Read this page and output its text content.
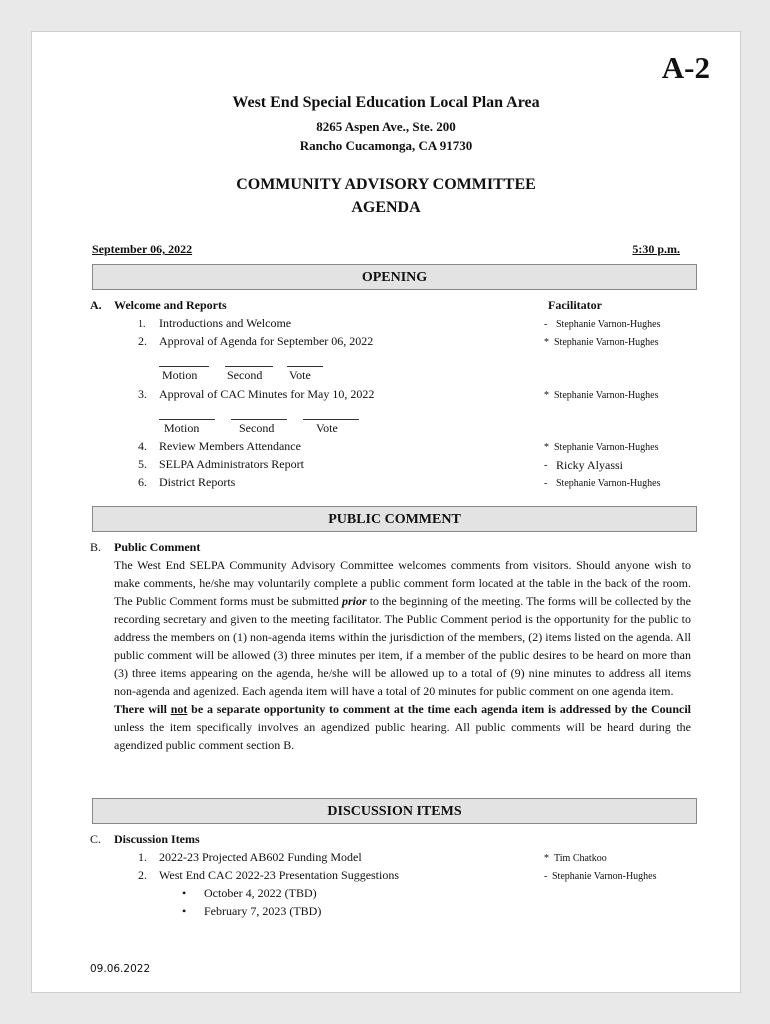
A-2
West End Special Education Local Plan Area
8265 Aspen Ave., Ste. 200
Rancho Cucamonga, CA 91730
COMMUNITY ADVISORY COMMITTEE
AGENDA
September 06, 2022	5:30 p.m.
OPENING
A. Welcome and Reports	Facilitator
1. Introductions and Welcome	- Stephanie Varnon-Hughes
2. Approval of Agenda for September 06, 2022	* Stephanie Varnon-Hughes
Motion Second Vote
3. Approval of CAC Minutes for May 10, 2022	* Stephanie Varnon-Hughes
Motion	Second	Vote
4. Review Members Attendance	* Stephanie Varnon-Hughes
5. SELPA Administrators Report	- Ricky Alyassi
6. District Reports	- Stephanie Varnon-Hughes
PUBLIC COMMENT
B. Public Comment

The West End SELPA Community Advisory Committee welcomes comments from visitors. Should anyone wish to make comments, he/she may voluntarily complete a public comment form located at the table in the back of the room. The Public Comment forms must be submitted prior to the beginning of the meeting. The forms will be collected by the recording secretary and given to the meeting facilitator. The Public Comment period is the opportunity for the public to address the members on (1) non-agenda items within the jurisdiction of the members, (2) items listed on the agenda. All public comment will be allowed (3) three minutes per item, if a member of the public desires to be heard on more than (3) three items appearing on the agenda, he/she will be allowed up to a total of (9) nine minutes to address all items non-agenda and agenized. Each agenda item will have a total of 20 minutes for public comment on one agenda item.

There will not be a separate opportunity to comment at the time each agenda item is addressed by the Council unless the item specifically involves an agendized public hearing. All public comments will be heard during the agendized public comment section B.

DISCUSSION ITEMS
C. Discussion Items
1. 2022-23 Projected AB602 Funding Model	* Tim Chatkoo
2. West End CAC 2022-23 Presentation Suggestions	- Stephanie Varnon-Hughes
• October 4, 2022 (TBD)
• February 7, 2023 (TBD)
09.06.2022
